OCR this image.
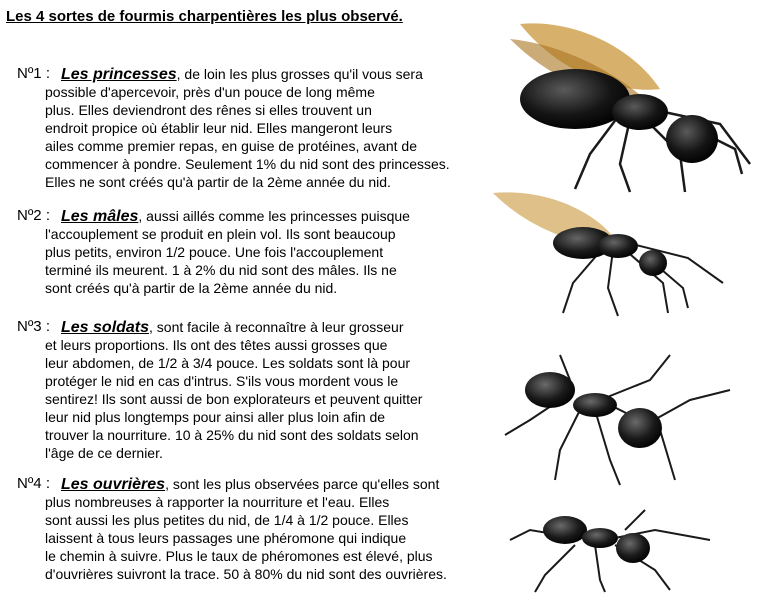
Les 4 sortes de fourmis charpentières les plus observé.
Nº1 : Les princesses, de loin les plus grosses qu'il vous sera
possible d'apercevoir, près d'un pouce de long même
plus. Elles deviendront des rênes si elles trouvent un
endroit propice où établir leur nid. Elles mangeront leurs
ailes comme premier repas, en guise de protéines, avant de
commencer à pondre. Seulement 1% du nid sont des princesses.
Elles ne sont créés qu'à partir de la 2ème année du nid.
Nº2 : Les mâles, aussi aillés comme les princesses puisque
l'accouplement se produit en plein vol. Ils sont beaucoup
plus petits, environ 1/2 pouce. Une fois l'accouplement
terminé ils meurent. 1 à 2% du nid sont des mâles. Ils ne
sont créés qu'à partir de la 2ème année du nid.
Nº3 : Les soldats, sont facile à reconnaître à leur grosseur
et leurs proportions. Ils ont des têtes aussi grosses que
leur abdomen, de 1/2 à 3/4 pouce. Les soldats sont là pour
protéger le nid en cas d'intrus. S'ils vous mordent vous le
sentirez! Ils sont aussi de bon explorateurs et peuvent quitter
leur nid plus longtemps pour ainsi aller plus loin afin de
trouver la nourriture. 10 à 25% du nid sont des soldats selon
l'âge de ce dernier.
Nº4 : Les ouvrières, sont les plus observées parce qu'elles sont
plus nombreuses à rapporter la nourriture et l'eau. Elles
sont aussi les plus petites du nid, de 1/4 à 1/2 pouce. Elles
laissent à tous leurs passages une phéromone qui indique
le chemin à suivre. Plus le taux de phéromones est élevé, plus
d'ouvrières suivront la trace. 50 à 80% du nid sont des ouvrières.
